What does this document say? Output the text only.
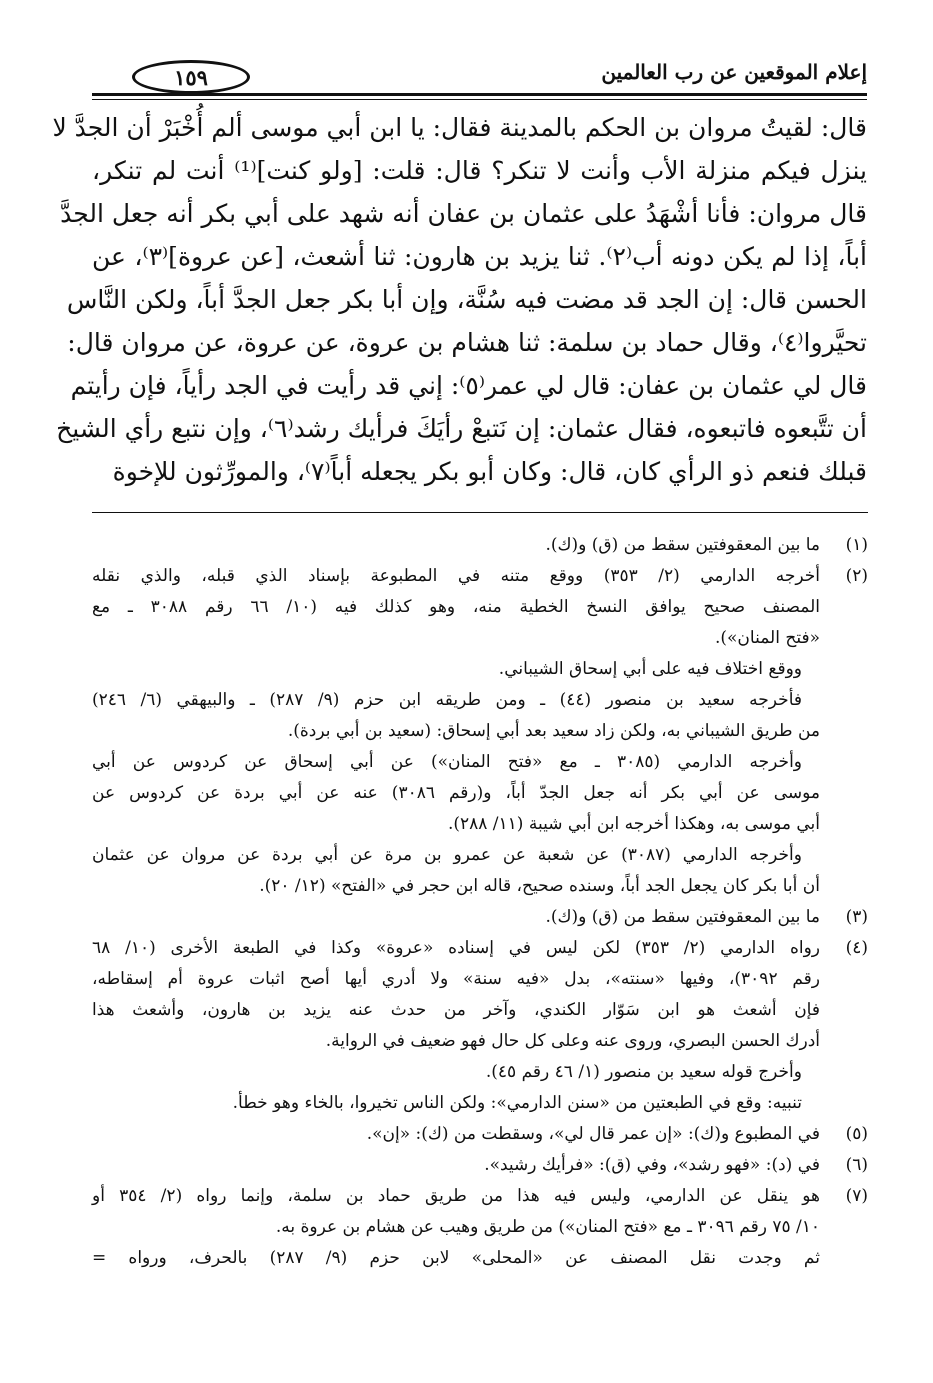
إعلام الموقعين عن رب العالمين
١٥٩

قال: لقيتُ مروان بن الحكم بالمدينة فقال: يا ابن أبي موسى ألم أُخْبَرْ أن الجدَّ لا

ينزل فيكم منزلة الأب وأنت لا تنكر؟ قال: قلت: [ولو كنت]⁽¹⁾ أنت لم تنكر،

قال مروان: فأنا أشْهَدُ على عثمان بن عفان أنه شهد على أبي بكر أنه جعل الجدَّ

أباً، إذا لم يكن دونه أب⁽٢⁾. ثنا يزيد بن هارون: ثنا أشعث، [عن عروة]⁽٣⁾، عن

الحسن قال: إن الجد قد مضت فيه سُنَّة، وإن أبا بكر جعل الجدَّ أباً، ولكن النَّاس

تحيَّروا⁽٤⁾، وقال حماد بن سلمة: ثنا هشام بن عروة، عن عروة، عن مروان قال:

قال لي عثمان بن عفان: قال لي عمر⁽٥⁾: إني قد رأيت في الجد رأياً، فإن رأيتم

أن تتَّبعوه فاتبعوه، فقال عثمان: إن نَتبعْ رأيَكَ فرأيك رشد⁽٦⁾، وإن نتبع رأي الشيخ

قبلك فنعم ذو الرأي كان، قال: وكان أبو بكر يجعله أباً⁽٧⁾، والمورِّثون للإخوة

(١)
ما بين المعقوفتين سقط من (ق) و(ك).
(٢)
أخرجه الدارمي (٢/ ٣٥٣) ووقع متنه في المطبوعة بإسناد الذي قبله، والذي نقله
المصنف صحيح يوافق النسخ الخطية منه، وهو كذلك فيه (١٠/ ٦٦ رقم ٣٠٨٨ ـ مع
«فتح المنان»).
ووقع اختلاف فيه على أبي إسحاق الشيباني.
فأخرجه سعيد بن منصور (٤٤) ـ ومن طريقه ابن حزم (٩/ ٢٨٧) ـ والبيهقي (٦/ ٢٤٦)
من طريق الشيباني به، ولكن زاد سعيد بعد أبي إسحاق: (سعيد بن أبي بردة).
وأخرجه الدارمي (٣٠٨٥ ـ مع «فتح المنان») عن أبي إسحاق عن كردوس عن أبي
موسى عن أبي بكر أنه جعل الجدّ أباً، و(رقم ٣٠٨٦) عنه عن أبي بردة عن كردوس عن
أبي موسى به، وهكذا أخرجه ابن أبي شيبة (١١/ ٢٨٨).
وأخرجه الدارمي (٣٠٨٧) عن شعبة عن عمرو بن مرة عن أبي بردة عن مروان عن عثمان
أن أبا بكر كان يجعل الجد أباً، وسنده صحيح، قاله ابن حجر في «الفتح» (١٢/ ٢٠).
(٣)
ما بين المعقوفتين سقط من (ق) و(ك).
(٤)
رواه الدارمي (٢/ ٣٥٣) لكن ليس في إسناده «عروة» وكذا في الطبعة الأخرى (١٠/ ٦٨
رقم ٣٠٩٢)، وفيها «سنته»، بدل «فيه سنة» ولا أدري أيها أصح اثبات عروة أم إسقاطه،
فإن أشعث هو ابن سَوّار الكندي، وآخر من حدث عنه يزيد بن هارون، وأشعث هذا
أدرك الحسن البصري، وروى عنه وعلى كل حال فهو ضعيف في الرواية.
وأخرج قوله سعيد بن منصور (١/ ٤٦ رقم ٤٥).
تنبيه: وقع في الطبعتين من «سنن الدارمي»: ولكن الناس تخيروا، بالخاء وهو خطأ.
(٥)
في المطبوع و(ك): «إن عمر قال لي»، وسقطت من (ك): «إن».
(٦)
في (د): «فهو رشد»، وفي (ق): «فرأيك رشيد».
(٧)
هو ينقل عن الدارمي، وليس فيه هذا من طريق حماد بن سلمة، وإنما رواه (٢/ ٣٥٤ أو
١٠/ ٧٥ رقم ٣٠٩٦ ـ مع «فتح المنان») من طريق وهيب عن هشام بن عروة به.
ثم وجدت نقل المصنف عن «المحلى» لابن حزم (٩/ ٢٨٧) بالحرف، ورواه =
